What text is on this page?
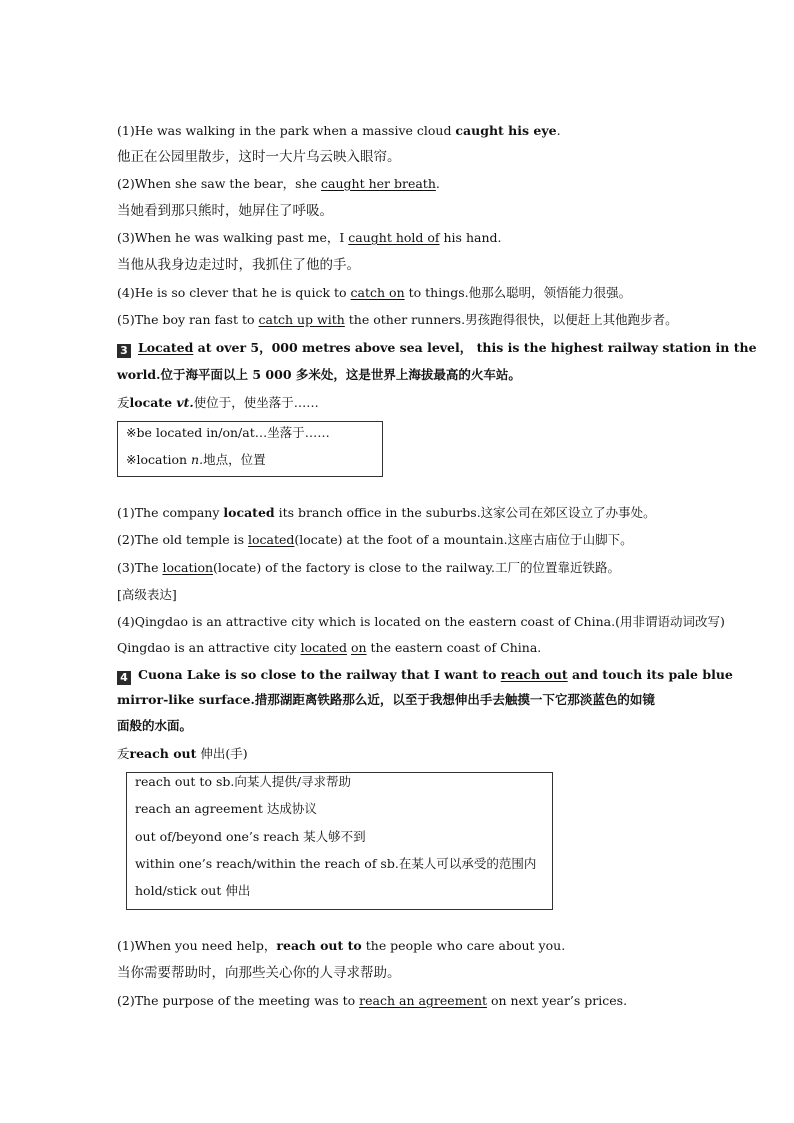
(1)He was walking in the park when a massive cloud caught his eye.
他正在公园里散步，这时一大片乌云映入眼帘。
(2)When she saw the bear，she caught her breath.
当她看到那只熊时，她屏住了呼吸。
(3)When he was walking past me，I caught hold of his hand.
当他从我身边走过时，我抓住了他的手。
(4)He is so clever that he is quick to catch on to things.他那么聪明，领悟能力很强。
(5)The boy ran fast to catch up with the other runners.男孩跑得很快，以便赶上其他跑步者。
3 Located at over 5，000 metres above sea level， this is the highest railway station in the
world.位于海平面以上 5 000 多米处，这是世界上海拔最高的火车站。
叐locate vt.使位于，使坐落于……
※be located in/on/at…坐落于……
※location n.地点，位置
(1)The company located its branch office in the suburbs.这家公司在郊区设立了办事处。
(2)The old temple is located(locate) at the foot of a mountain.这座古庙位于山脚下。
(3)The location(locate) of the factory is close to the railway.工厂的位置靠近铁路。
[高级表达]
(4)Qingdao is an attractive city which is located on the eastern coast of China.(用非谓语动词改写)
Qingdao is an attractive city located on the eastern coast of China.
4 Cuona Lake is so close to the railway that I want to reach out and touch its pale blue
mirror-like surface.措那湖距离铁路那么近，以至于我想伸出手去触摸一下它那淡蓝色的如镜
面般的水面。
叐reach out 伸出(手)
reach out to sb.向某人提供/寻求帮助
reach an agreement 达成协议
out of/beyond one’s reach 某人够不到
within one’s reach/within the reach of sb.在某人可以承受的范围内
hold/stick out 伸出
(1)When you need help，reach out to the people who care about you.
当你需要帮助时，向那些关心你的人寻求帮助。
(2)The purpose of the meeting was to reach an agreement on next year’s prices.
